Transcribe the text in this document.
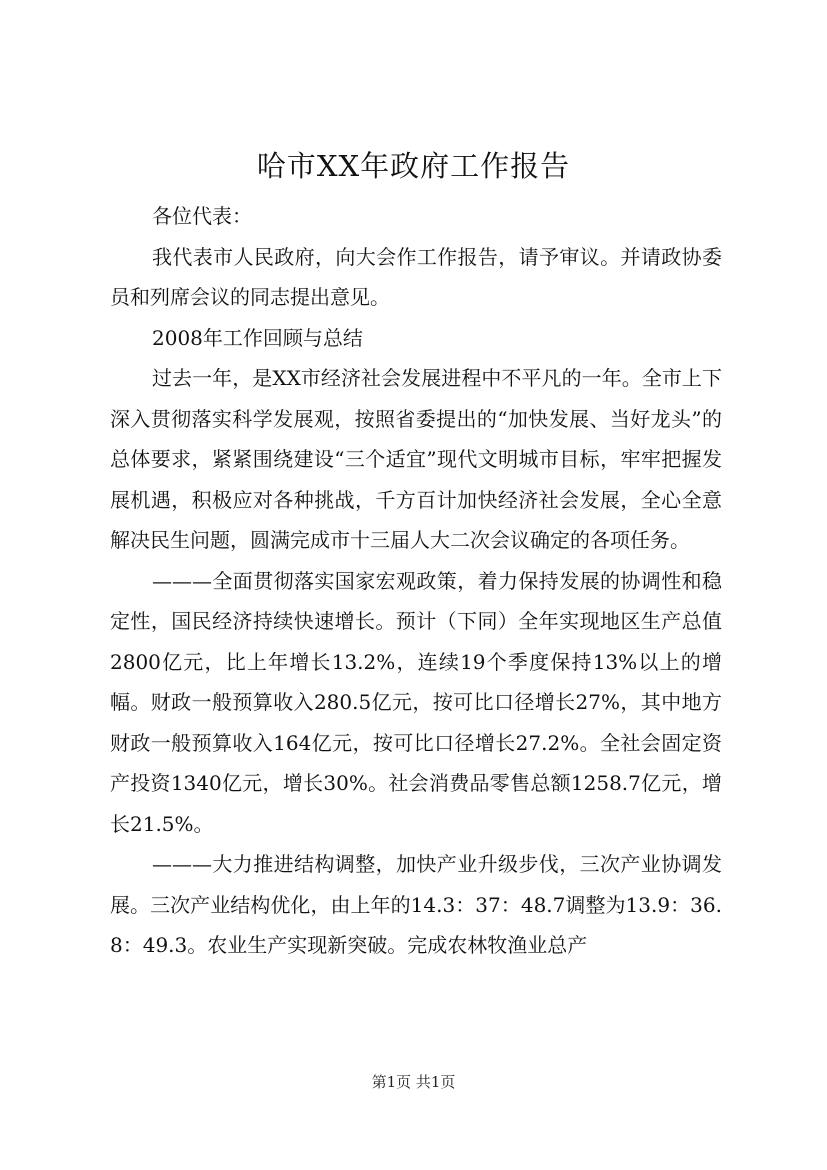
哈市XX年政府工作报告

各位代表：

我代表市人民政府，向大会作工作报告，请予审议。并请政协委员和列席会议的同志提出意见。

2008年工作回顾与总结

过去一年，是XX市经济社会发展进程中不平凡的一年。全市上下深入贯彻落实科学发展观，按照省委提出的“加快发展、当好龙头”的总体要求，紧紧围绕建设“三个适宜”现代文明城市目标，牢牢把握发展机遇，积极应对各种挑战，千方百计加快经济社会发展，全心全意解决民生问题，圆满完成市十三届人大二次会议确定的各项任务。

———全面贯彻落实国家宏观政策，着力保持发展的协调性和稳定性，国民经济持续快速增长。预计（下同）全年实现地区生产总值2800亿元，比上年增长13.2%，连续19个季度保持13%以上的增幅。财政一般预算收入280.5亿元，按可比口径增长27%，其中地方财政一般预算收入164亿元，按可比口径增长27.2%。全社会固定资产投资1340亿元，增长30%。社会消费品零售总额1258.7亿元，增长21.5%。

———大力推进结构调整，加快产业升级步伐，三次产业协调发展。三次产业结构优化，由上年的14.3：37：48.7调整为13.9：36.8：49.3。农业生产实现新突破。完成农林牧渔业总产

第1页 共1页
